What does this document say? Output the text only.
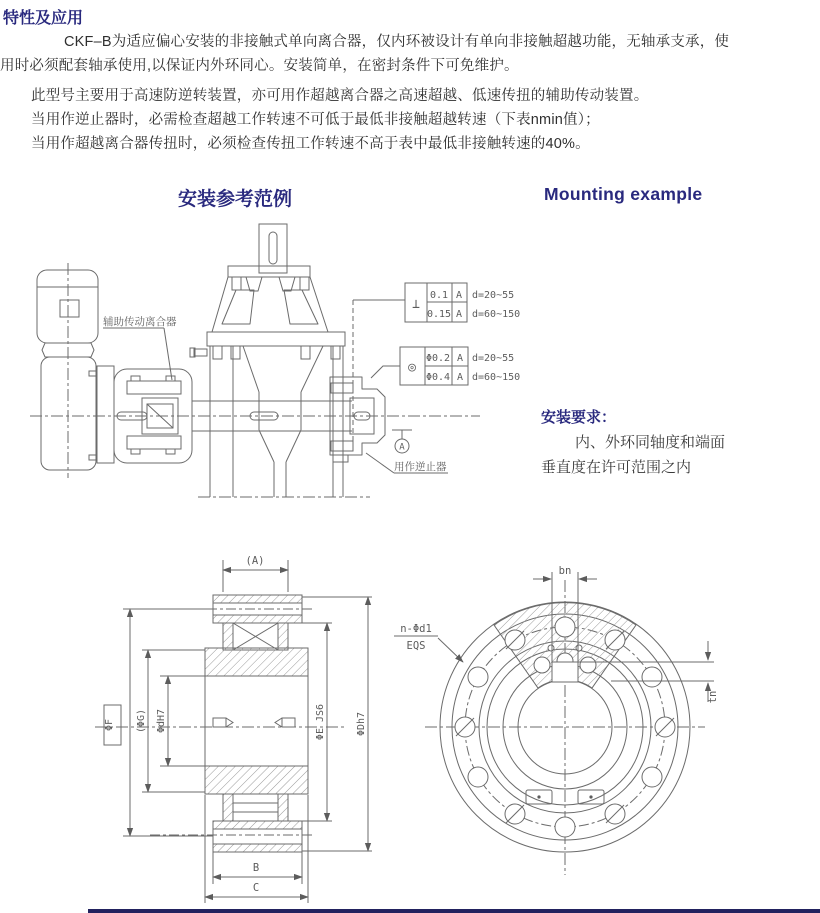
特性及应用
CKF–B为适应偏心安装的非接触式单向离合器，仅内环被设计有单向非接触超越功能，无轴承支承，使
用时必须配套轴承使用,以保证内外环同心。安装简单，在密封条件下可免维护。
此型号主要用于高速防逆转装置，亦可用作超越离合器之高速超越、低速传扭的辅助传动装置。
当用作逆止器时，必需检查超越工作转速不可低于最低非接触超越转速（下表nmin值）；
当用作超越离合器传扭时，必须检查传扭工作转速不高于表中最低非接触转速的40%。
安装参考范例	Mounting example
辅助传动离合器
用作逆止器
A
⊥
0.1 A d=20~55
0.15 A d=60~150
◎
Φ0.2 A d=20~55
Φ0.4 A d=60~150
安装要求：
内、外环同轴度和端面
垂直度在许可范围之内
(A)
ΦF (ΦG) ΦdH7	ΦE JS6	ΦDh7
B
C
bn
tn
n-Φd1
EQS
